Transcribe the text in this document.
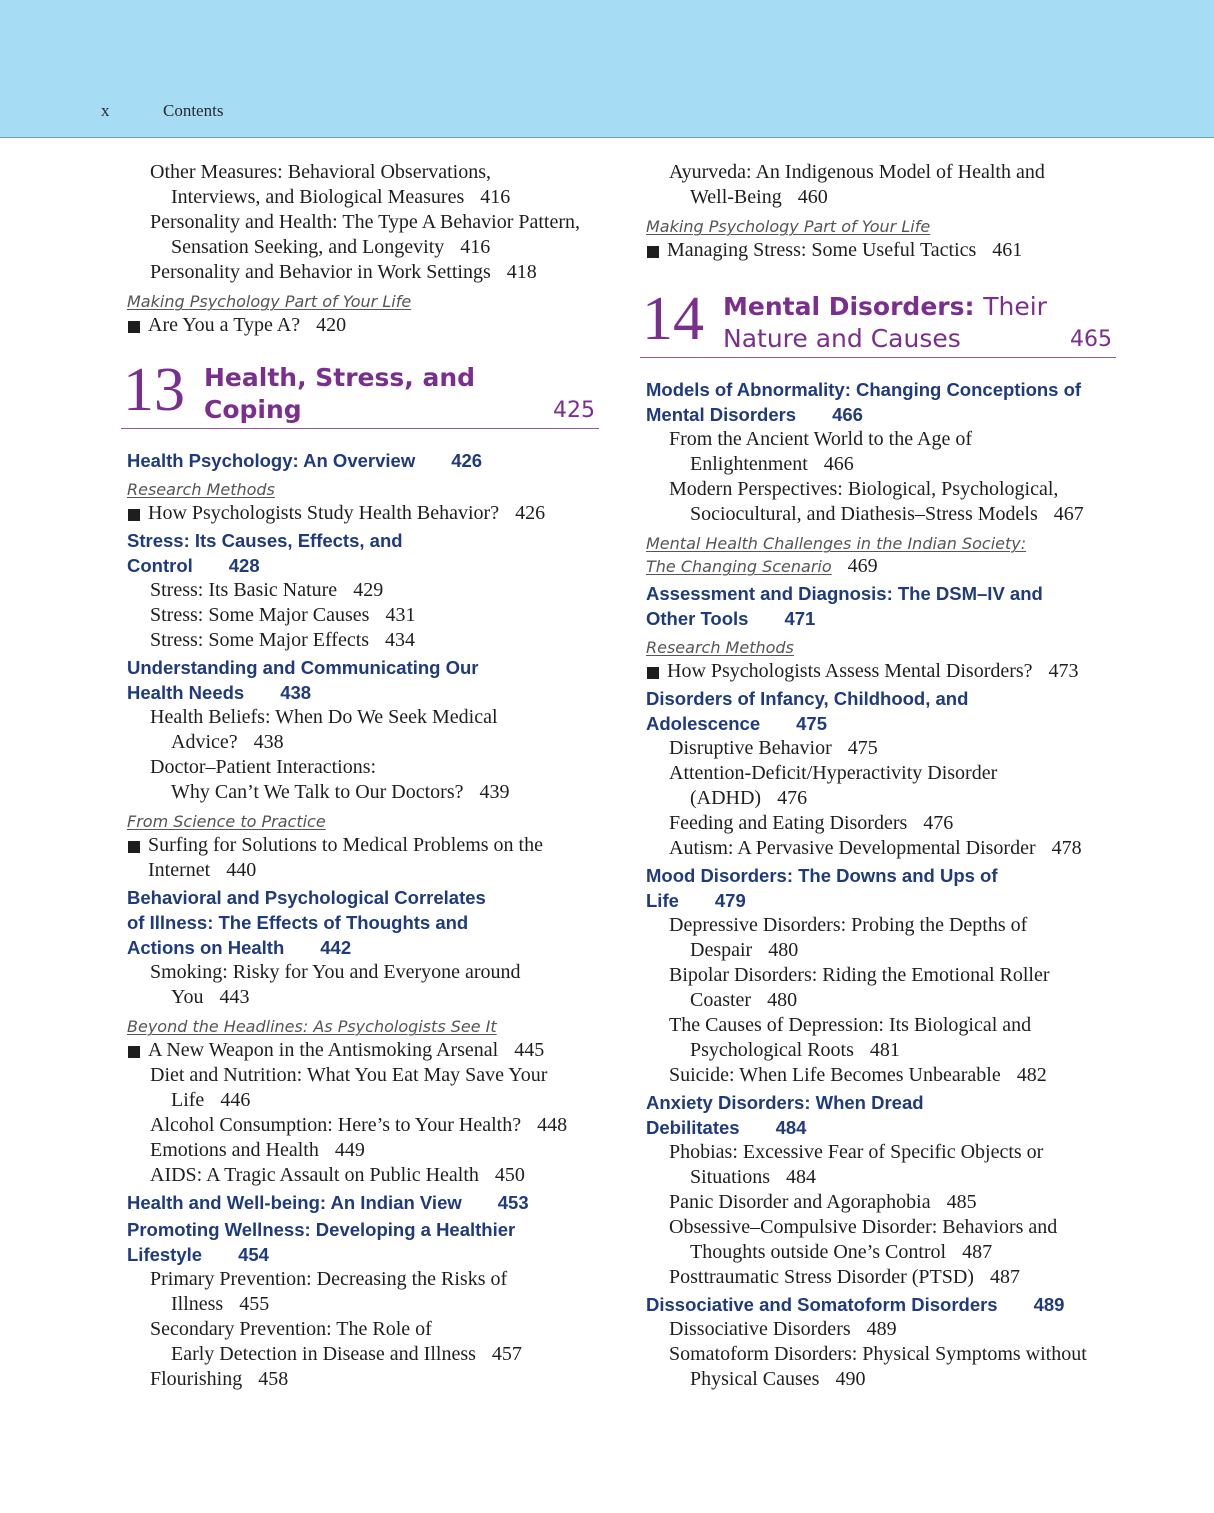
x	Contents
Other Measures: Behavioral Observations,
Interviews, and Biological Measures 416
Personality and Health: The Type A Behavior Pattern,
Sensation Seeking, and Longevity 416
Personality and Behavior in Work Settings 418
Making Psychology Part of Your Life
Are You a Type A? 420
13 Health, Stress, and
Coping	425
Health Psychology: An Overview 426
Research Methods
How Psychologists Study Health Behavior? 426
Stress: Its Causes, Effects, and
Control 428
Stress: Its Basic Nature 429
Stress: Some Major Causes 431
Stress: Some Major Effects 434
Understanding and Communicating Our
Health Needs 438
Health Beliefs: When Do We Seek Medical
Advice? 438
Doctor–Patient Interactions:
Why Can’t We Talk to Our Doctors? 439
From Science to Practice
Surfing for Solutions to Medical Problems on the
Internet 440
Behavioral and Psychological Correlates
of Illness: The Effects of Thoughts and
Actions on Health 442
Smoking: Risky for You and Everyone around
You 443
Beyond the Headlines: As Psychologists See It
A New Weapon in the Antismoking Arsenal 445
Diet and Nutrition: What You Eat May Save Your
Life 446
Alcohol Consumption: Here’s to Your Health? 448
Emotions and Health 449
AIDS: A Tragic Assault on Public Health 450
Health and Well-being: An Indian View 453
Promoting Wellness: Developing a Healthier
Lifestyle 454
Primary Prevention: Decreasing the Risks of
Illness 455
Secondary Prevention: The Role of
Early Detection in Disease and Illness 457
Flourishing 458
Ayurveda: An Indigenous Model of Health and
Well-Being 460
Making Psychology Part of Your Life
Managing Stress: Some Useful Tactics 461
14 Mental Disorders: Their
Nature and Causes	465
Models of Abnormality: Changing Conceptions of
Mental Disorders 466
From the Ancient World to the Age of
Enlightenment 466
Modern Perspectives: Biological, Psychological,
Sociocultural, and Diathesis–Stress Models 467
Mental Health Challenges in the Indian Society:
The Changing Scenario 469
Assessment and Diagnosis: The DSM–IV and
Other Tools 471
Research Methods
How Psychologists Assess Mental Disorders? 473
Disorders of Infancy, Childhood, and
Adolescence 475
Disruptive Behavior 475
Attention-Deficit/Hyperactivity Disorder
(ADHD) 476
Feeding and Eating Disorders 476
Autism: A Pervasive Developmental Disorder 478
Mood Disorders: The Downs and Ups of
Life 479
Depressive Disorders: Probing the Depths of
Despair 480
Bipolar Disorders: Riding the Emotional Roller
Coaster 480
The Causes of Depression: Its Biological and
Psychological Roots 481
Suicide: When Life Becomes Unbearable 482
Anxiety Disorders: When Dread
Debilitates 484
Phobias: Excessive Fear of Specific Objects or
Situations 484
Panic Disorder and Agoraphobia 485
Obsessive–Compulsive Disorder: Behaviors and
Thoughts outside One’s Control 487
Posttraumatic Stress Disorder (PTSD) 487
Dissociative and Somatoform Disorders 489
Dissociative Disorders 489
Somatoform Disorders: Physical Symptoms without
Physical Causes 490
